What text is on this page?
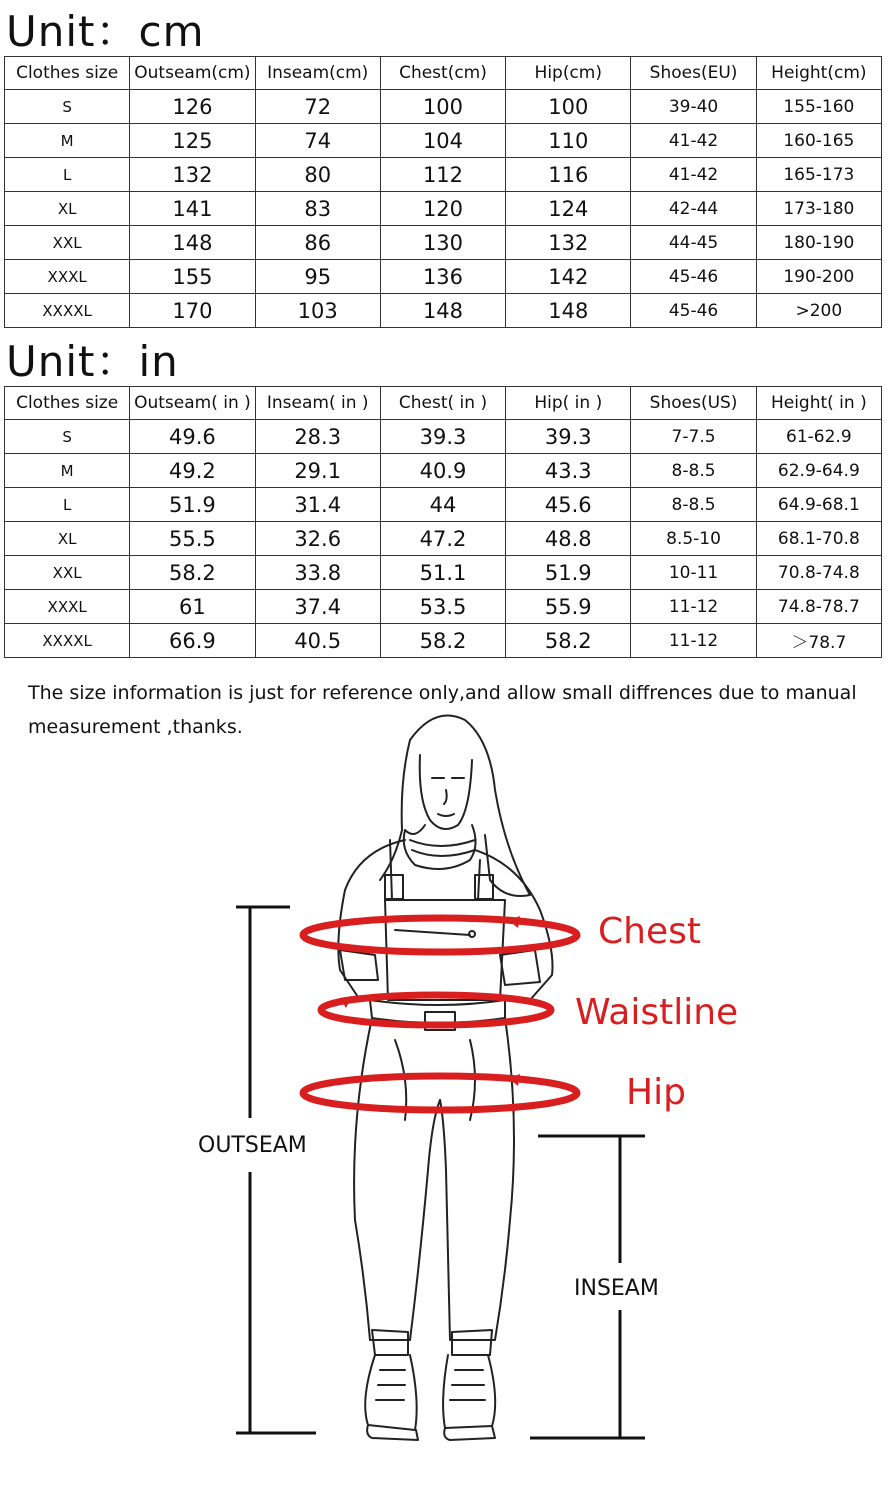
Unit：cm
Clothes size	Outseam(cm)	Inseam(cm)	Chest(cm)	Hip(cm)	Shoes(EU)	Height(cm)
S	126	72	100	100	39-40	155-160
M	125	74	104	110	41-42	160-165
L	132	80	112	116	41-42	165-173
XL	141	83	120	124	42-44	173-180
XXL	148	86	130	132	44-45	180-190
XXXL	155	95	136	142	45-46	190-200
XXXXL	170	103	148	148	45-46	>200
Unit：in
Clothes size	Outseam( in )	Inseam( in )	Chest( in )	Hip( in )	Shoes(US)	Height( in )
S	49.6	28.3	39.3	39.3	7-7.5	61-62.9
M	49.2	29.1	40.9	43.3	8-8.5	62.9-64.9
L	51.9	31.4	44	45.6	8-8.5	64.9-68.1
XL	55.5	32.6	47.2	48.8	8.5-10	68.1-70.8
XXL	58.2	33.8	51.1	51.9	10-11	70.8-74.8
XXXL	61	37.4	53.5	55.9	11-12	74.8-78.7
XXXXL	66.9	40.5	58.2	58.2	11-12	＞78.7

The size information is just for reference only,and allow small diffrences due to manual measurement ,thanks.

Chest
Waistline
Hip
OUTSEAM
INSEAM
